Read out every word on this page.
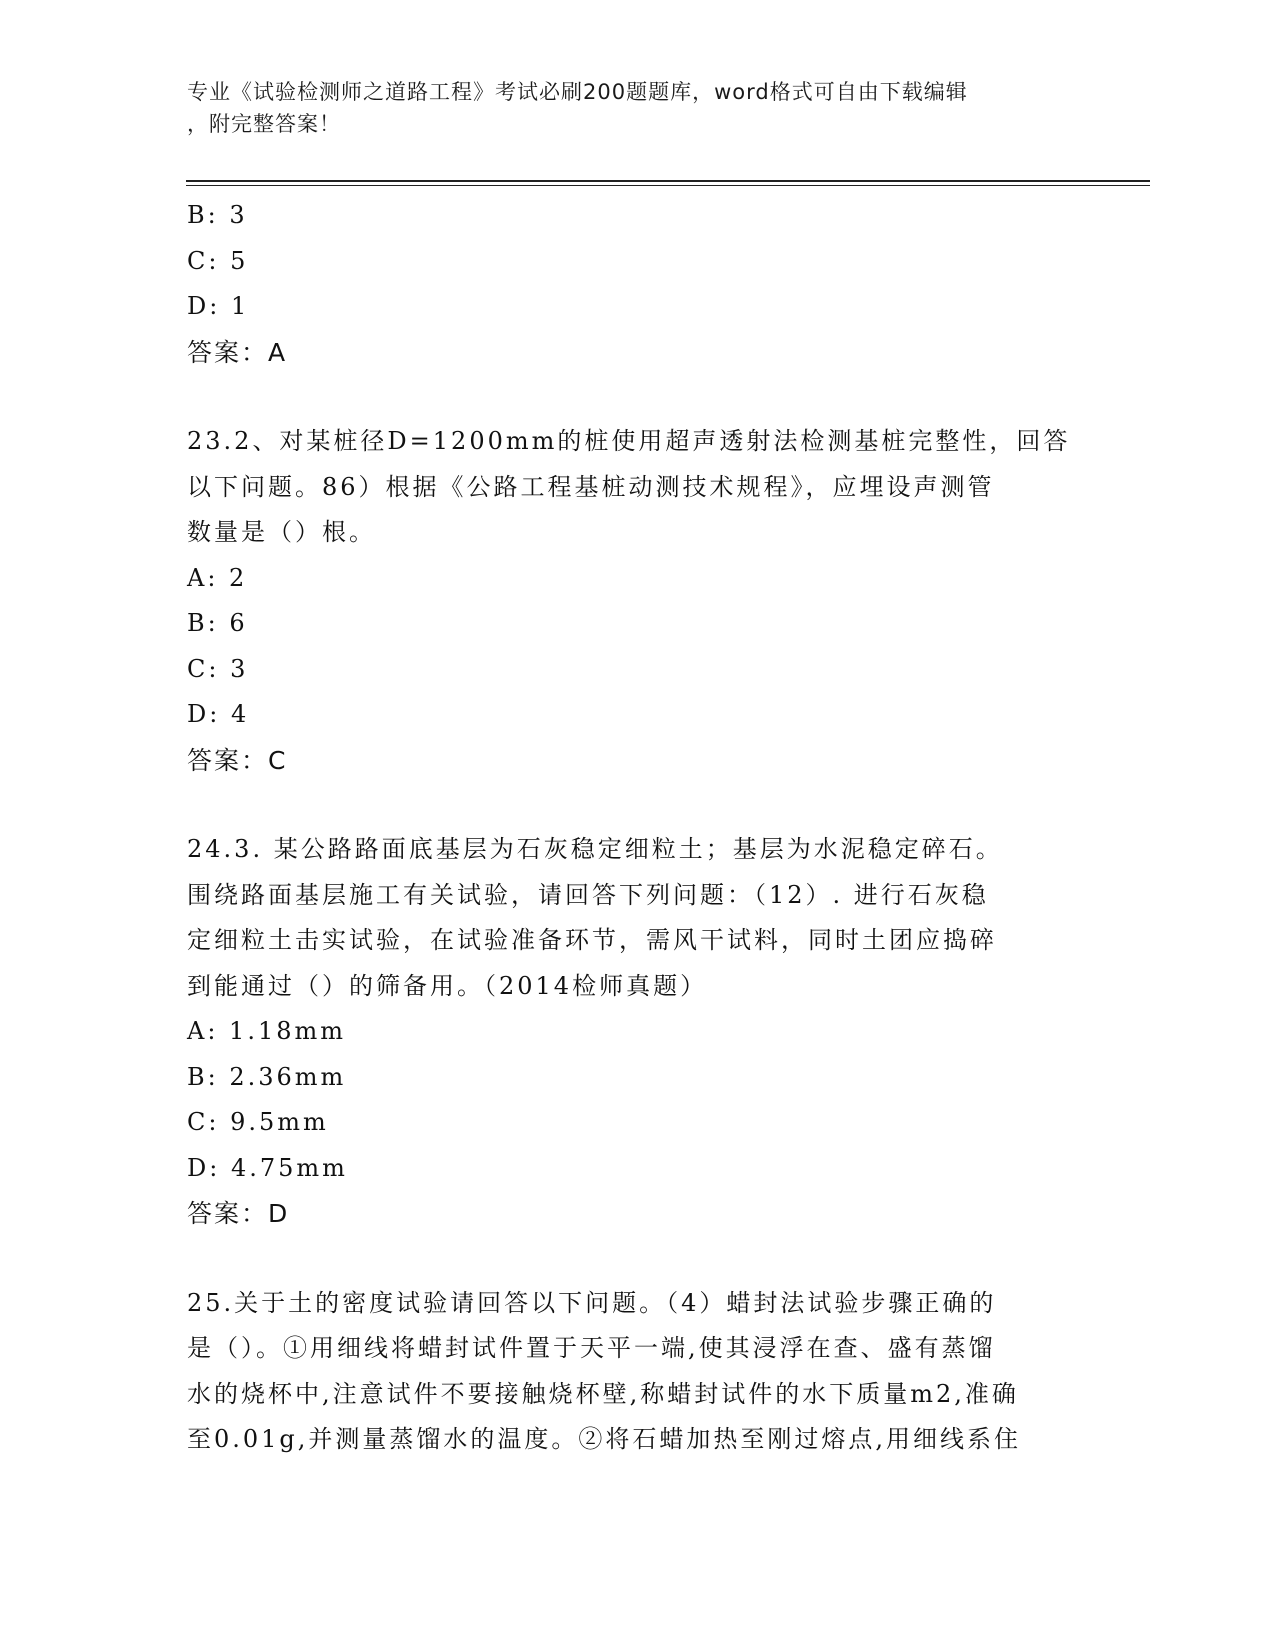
专业《试验检测师之道路工程》考试必刷200题题库，word格式可自由下载编辑
，附完整答案！
B: 3
C: 5
D: 1
答案：A
23.2、对某桩径D=1200mm的桩使用超声透射法检测基桩完整性，回答
以下问题。86）根据《公路工程基桩动测技术规程》，应埋设声测管
数量是（）根。
A: 2
B: 6
C: 3
D: 4
答案：C
24.3. 某公路路面底基层为石灰稳定细粒土；基层为水泥稳定碎石。
围绕路面基层施工有关试验，请回答下列问题：（12）. 进行石灰稳
定细粒土击实试验，在试验准备环节，需风干试料，同时土团应捣碎
到能通过（）的筛备用。（2014检师真题）
A: 1.18mm
B: 2.36mm
C: 9.5mm
D: 4.75mm
答案：D
25.关于土的密度试验请回答以下问题。（4）蜡封法试验步骤正确的
是（）。①用细线将蜡封试件置于天平一端,使其浸浮在查、盛有蒸馏
水的烧杯中,注意试件不要接触烧杯壁,称蜡封试件的水下质量m2,准确
至0.01g,并测量蒸馏水的温度。②将石蜡加热至刚过熔点,用细线系住
